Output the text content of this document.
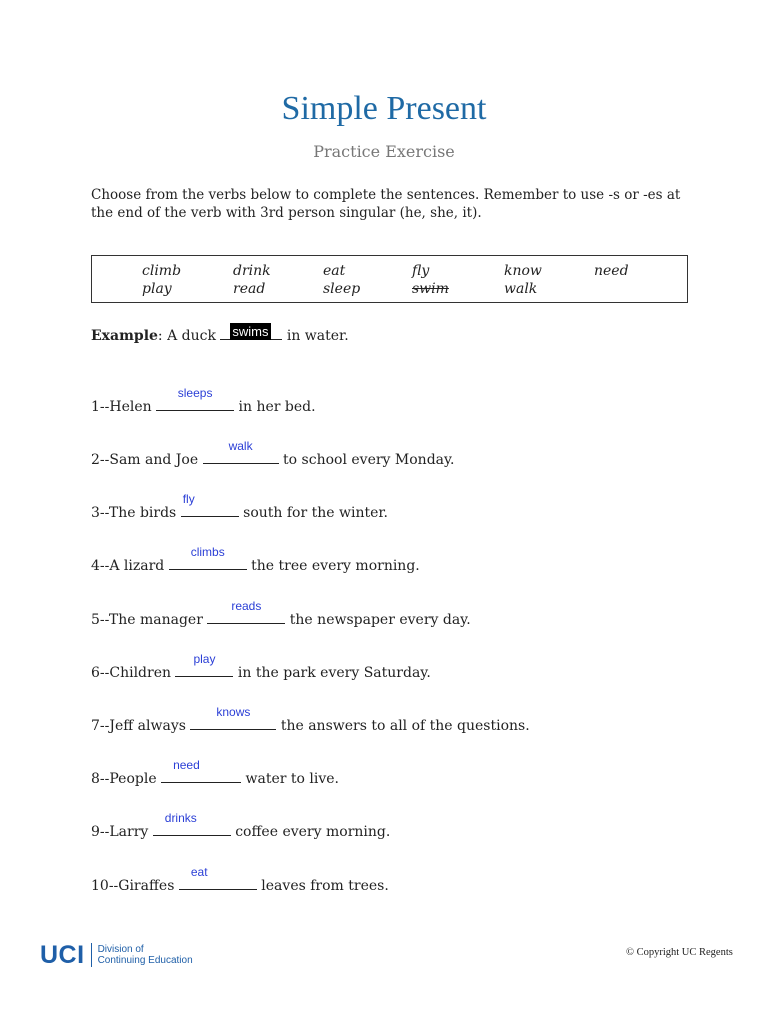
Simple Present
Practice Exercise
Choose from the verbs below to complete the sentences. Remember to use -s or -es at the end of the verb with 3rd person singular (he, she, it).
climb	drink	eat	fly	know	need
play	read	sleep	swim	walk
Example: A duck swims in water.
1--Helen
sleeps
in her bed.
2--Sam and Joe
walk
to school every Monday.
3--The birds
fly
south for the winter.
4--A lizard
climbs
the tree every morning.
5--The manager
reads
the newspaper every day.
6--Children
play
in the park every Saturday.
7--Jeff always
knows
the answers to all of the questions.
8--People
need
water to live.
9--Larry
drinks
coffee every morning.
10--Giraffes
eat
leaves from trees.
UCI Division of
Continuing Education
© Copyright UC Regents
